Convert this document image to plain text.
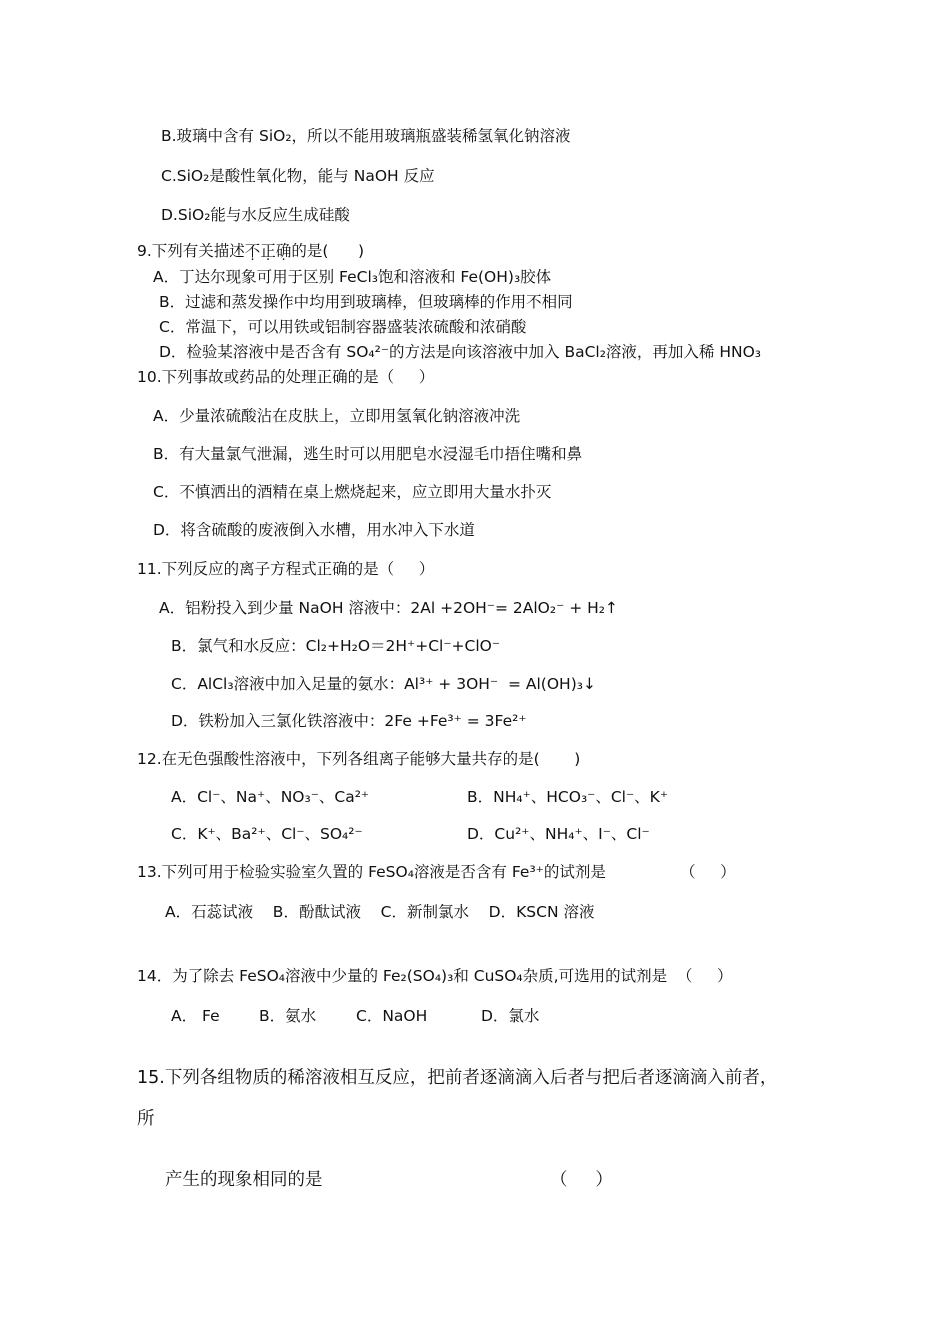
B.玻璃中含有 SiO₂，所以不能用玻璃瓶盛装稀氢氧化钠溶液
C.SiO₂是酸性氧化物，能与 NaOH 反应
D.SiO₂能与水反应生成硅酸
9.下列有关描述不正确的是(      )
A．丁达尔现象可用于区别 FeCl₃饱和溶液和 Fe(OH)₃胶体
B．过滤和蒸发操作中均用到玻璃棒，但玻璃棒的作用不相同
C．常温下，可以用铁或铝制容器盛装浓硫酸和浓硝酸
D．检验某溶液中是否含有 SO₄²⁻的方法是向该溶液中加入 BaCl₂溶液，再加入稀 HNO₃
10.下列事故或药品的处理正确的是（     ）
A．少量浓硫酸沾在皮肤上，立即用氢氧化钠溶液冲洗
B．有大量氯气泄漏，逃生时可以用肥皂水浸湿毛巾捂住嘴和鼻
C．不慎洒出的酒精在桌上燃烧起来，应立即用大量水扑灭
D．将含硫酸的废液倒入水槽，用水冲入下水道
11.下列反应的离子方程式正确的是（     ）
A．铝粉投入到少量 NaOH 溶液中：2Al +2OH⁻= 2AlO₂⁻ + H₂↑
B．氯气和水反应：Cl₂+H₂O＝2H⁺+Cl⁻+ClO⁻
C．AlCl₃溶液中加入足量的氨水：Al³⁺ + 3OH⁻  = Al(OH)₃↓
D．铁粉加入三氯化铁溶液中：2Fe +Fe³⁺ = 3Fe²⁺
12.在无色强酸性溶液中，下列各组离子能够大量共存的是(       )
A．Cl⁻、Na⁺、NO₃⁻、Ca²⁺	B．NH₄⁺、HCO₃⁻、Cl⁻、K⁺
C．K⁺、Ba²⁺、Cl⁻、SO₄²⁻	D．Cu²⁺、NH₄⁺、I⁻、Cl⁻
13.下列可用于检验实验室久置的 FeSO₄溶液是否含有 Fe³⁺的试剂是	（     ）
A．石蕊试液    B．酚酞试液    C．新制氯水    D．KSCN 溶液
14．为了除去 FeSO₄溶液中少量的 Fe₂(SO₄)₃和 CuSO₄杂质,可选用的试剂是  （     ）
A． Fe	B．氨水	C．NaOH	D．氯水
15.下列各组物质的稀溶液相互反应，把前者逐滴滴入后者与把后者逐滴滴入前者，
所
产生的现象相同的是	（     ）
